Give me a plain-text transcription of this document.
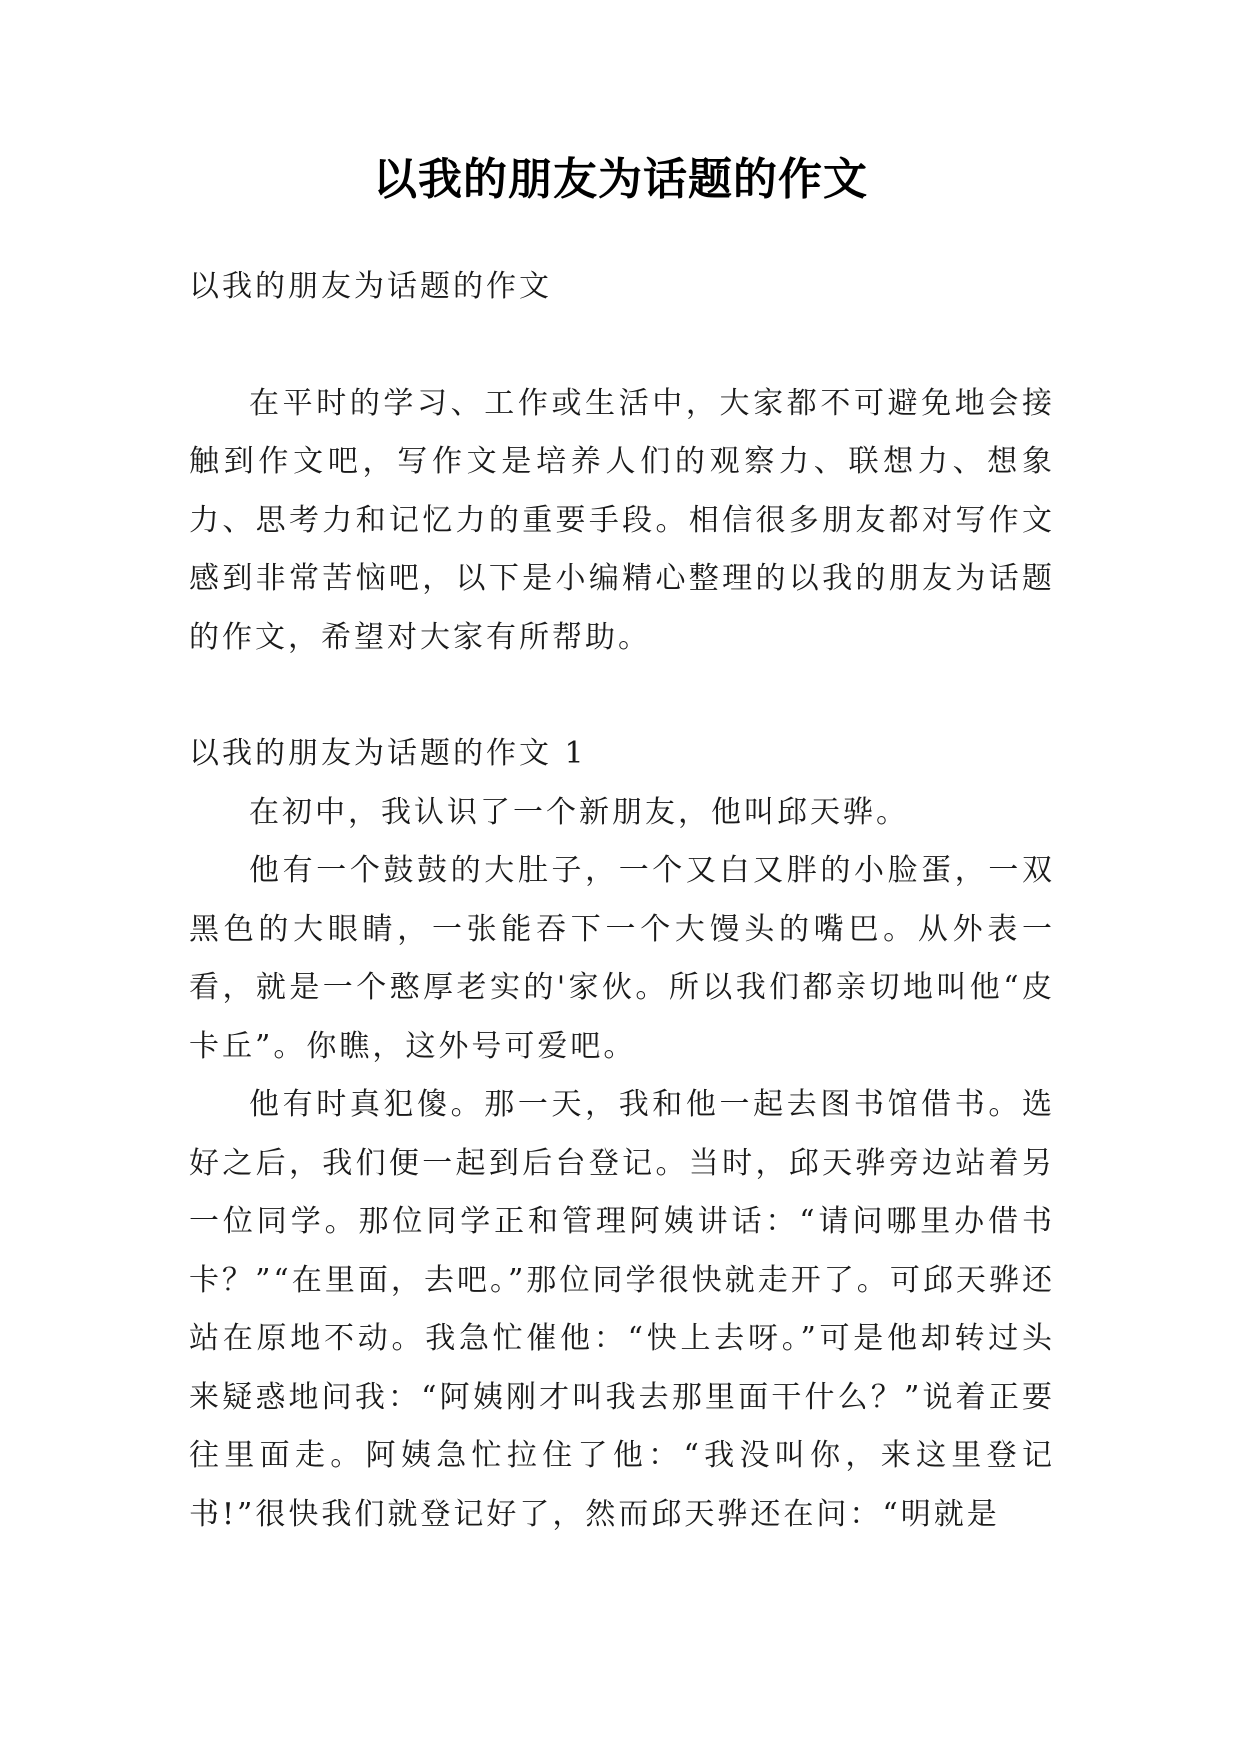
以我的朋友为话题的作文

以我的朋友为话题的作文

在平时的学习、工作或生活中，大家都不可避免地会接触到作文吧，写作文是培养人们的观察力、联想力、想象力、思考力和记忆力的重要手段。相信很多朋友都对写作文感到非常苦恼吧，以下是小编精心整理的以我的朋友为话题的作文，希望对大家有所帮助。

以我的朋友为话题的作文 1

在初中，我认识了一个新朋友，他叫邱天骅。

他有一个鼓鼓的大肚子，一个又白又胖的小脸蛋，一双黑色的大眼睛，一张能吞下一个大馒头的嘴巴。从外表一看，就是一个憨厚老实的'家伙。所以我们都亲切地叫他“皮卡丘”。你瞧，这外号可爱吧。

他有时真犯傻。那一天，我和他一起去图书馆借书。选好之后，我们便一起到后台登记。当时，邱天骅旁边站着另一位同学。那位同学正和管理阿姨讲话：“请问哪里办借书卡？”“在里面，去吧。”那位同学很快就走开了。可邱天骅还站在原地不动。我急忙催他：“快上去呀。”可是他却转过头来疑惑地问我：“阿姨刚才叫我去那里面干什么？”说着正要往里面走。阿姨急忙拉住了他：“我没叫你，来这里登记书!”很快我们就登记好了，然而邱天骅还在问：“明就是
